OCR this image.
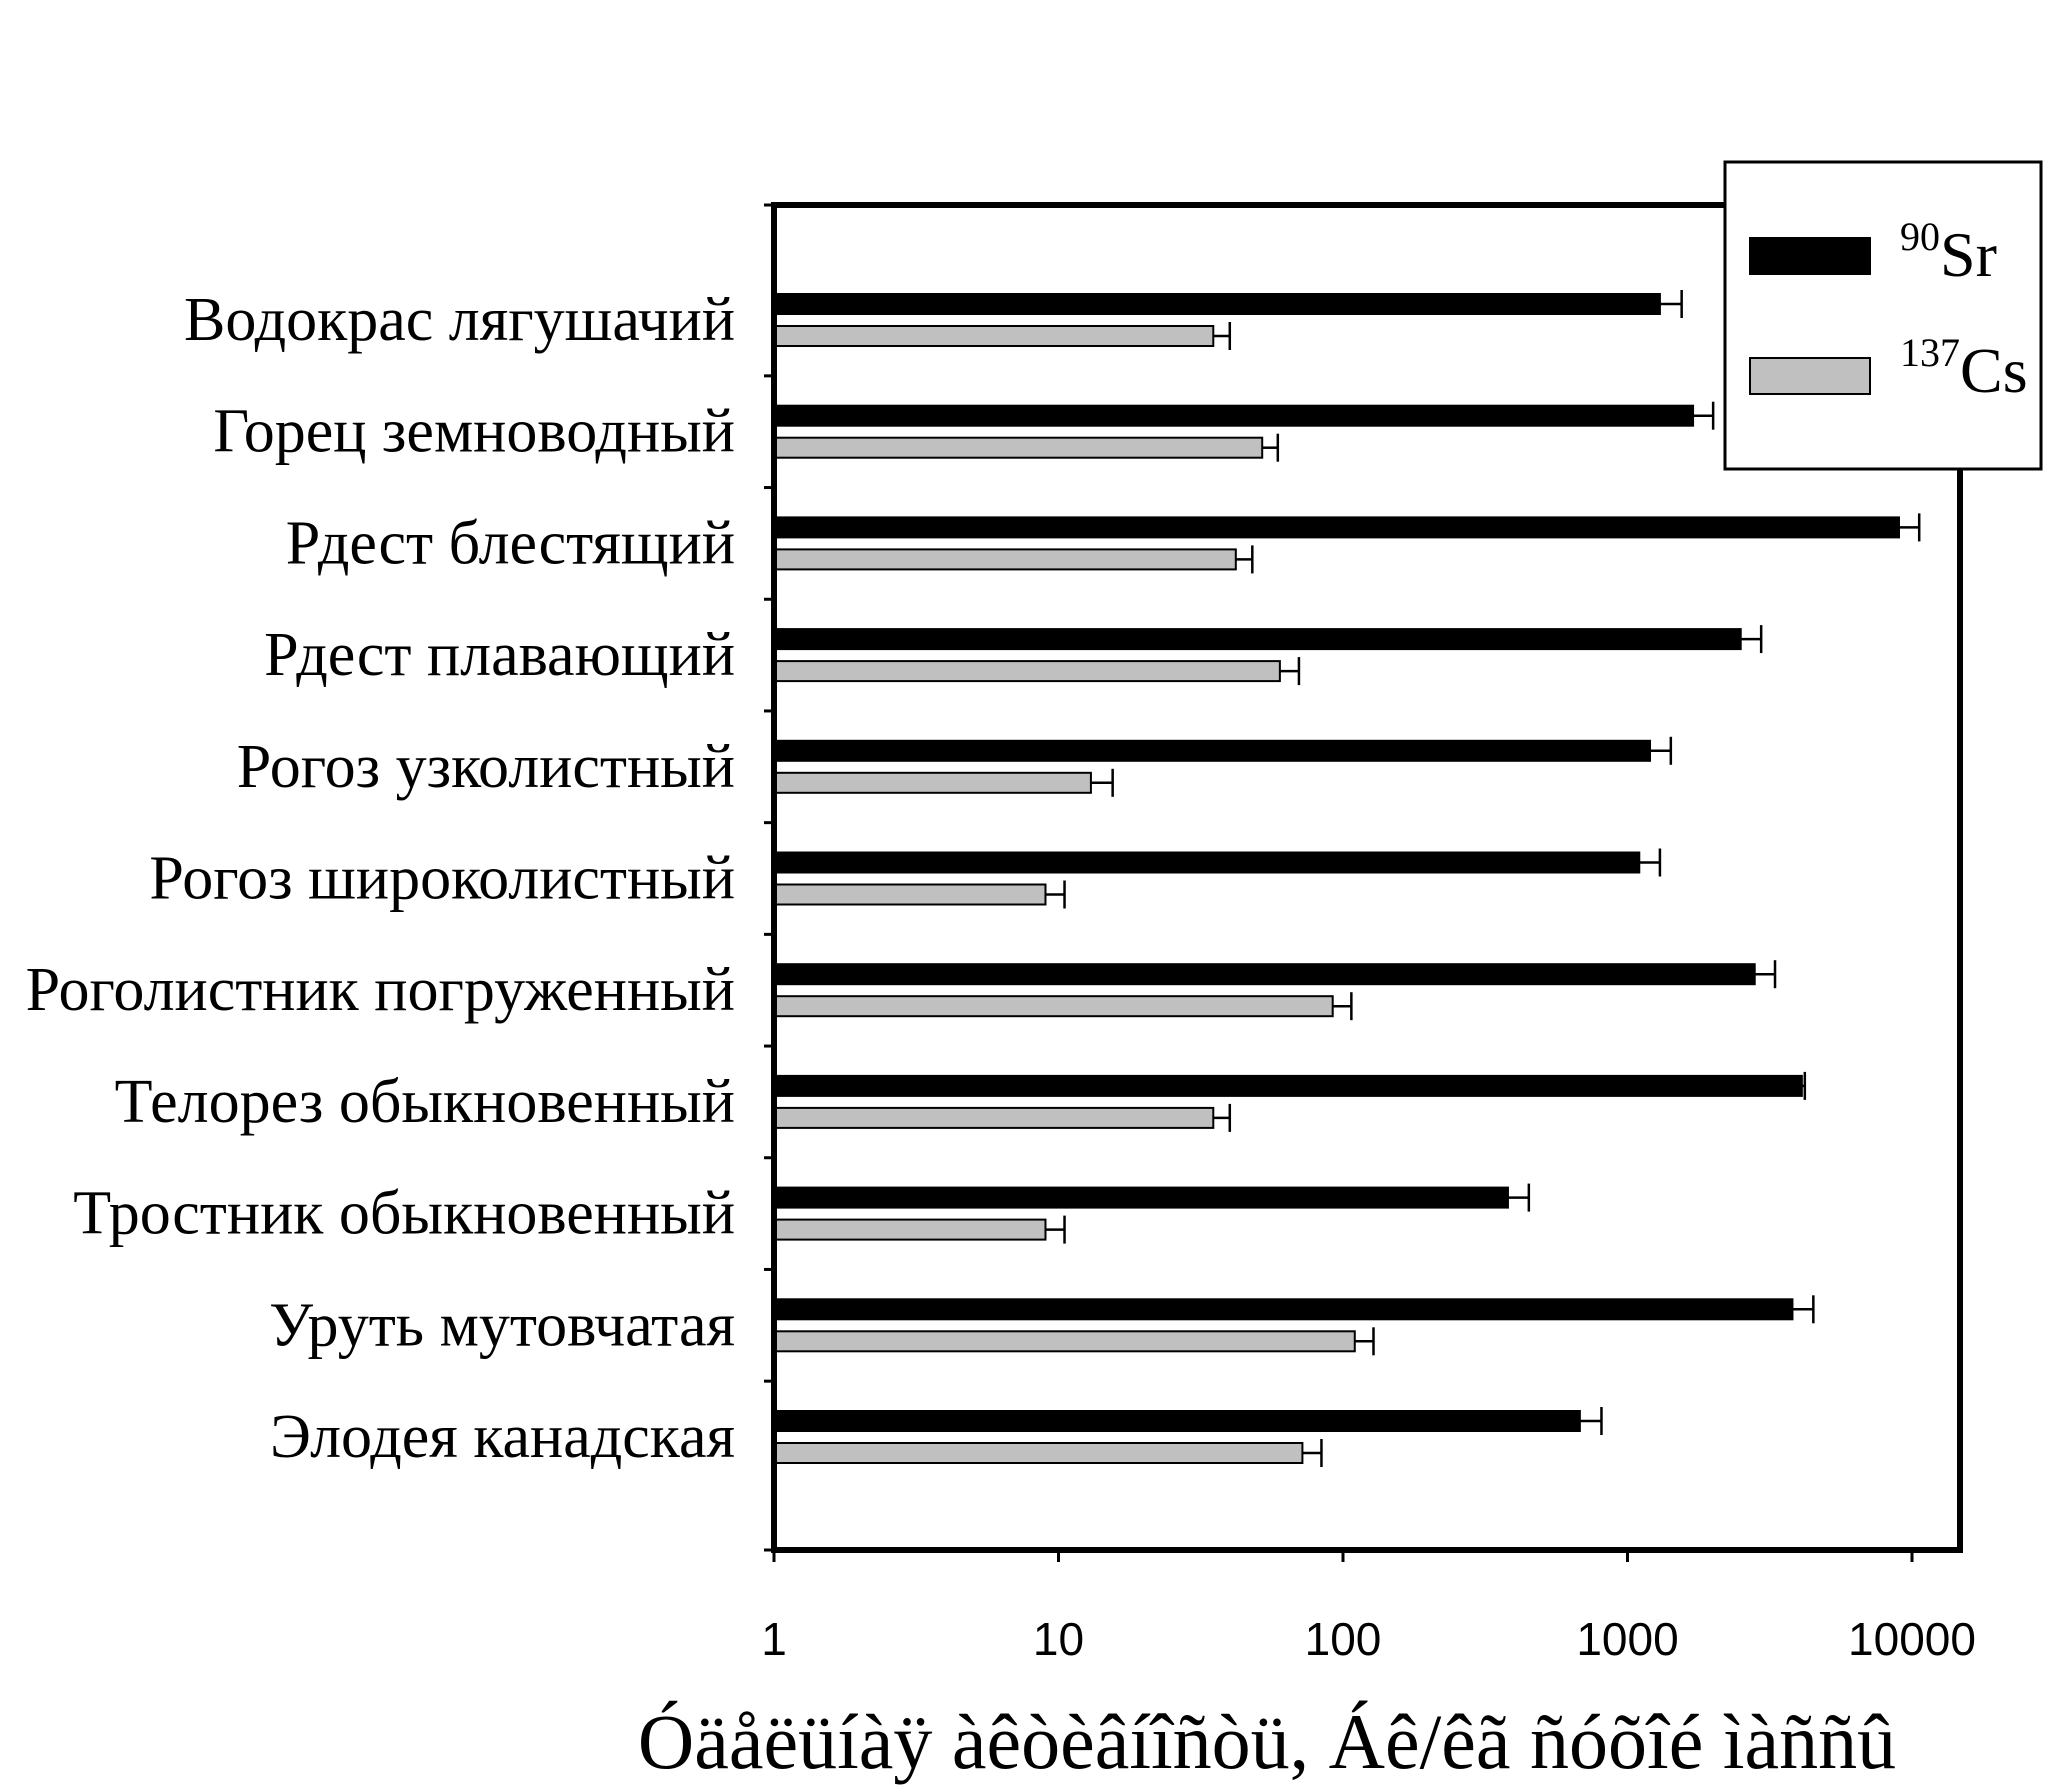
1	10	100	1000	10000
Водокрас лягушачий
Горец земноводный
Рдест блестящий
Рдест плавающий
Рогоз узколистный
Рогоз широколистный
Роголистник погруженный
Телорез обыкновенный
Тростник обыкновенный
Уруть мутовчатая
Элодея канадская
Óäåëüíàÿ àêòèâíîñòü, Áê/êã ñóõîé ìàññû
$^{90}$Sr
$^{137}$Cs
